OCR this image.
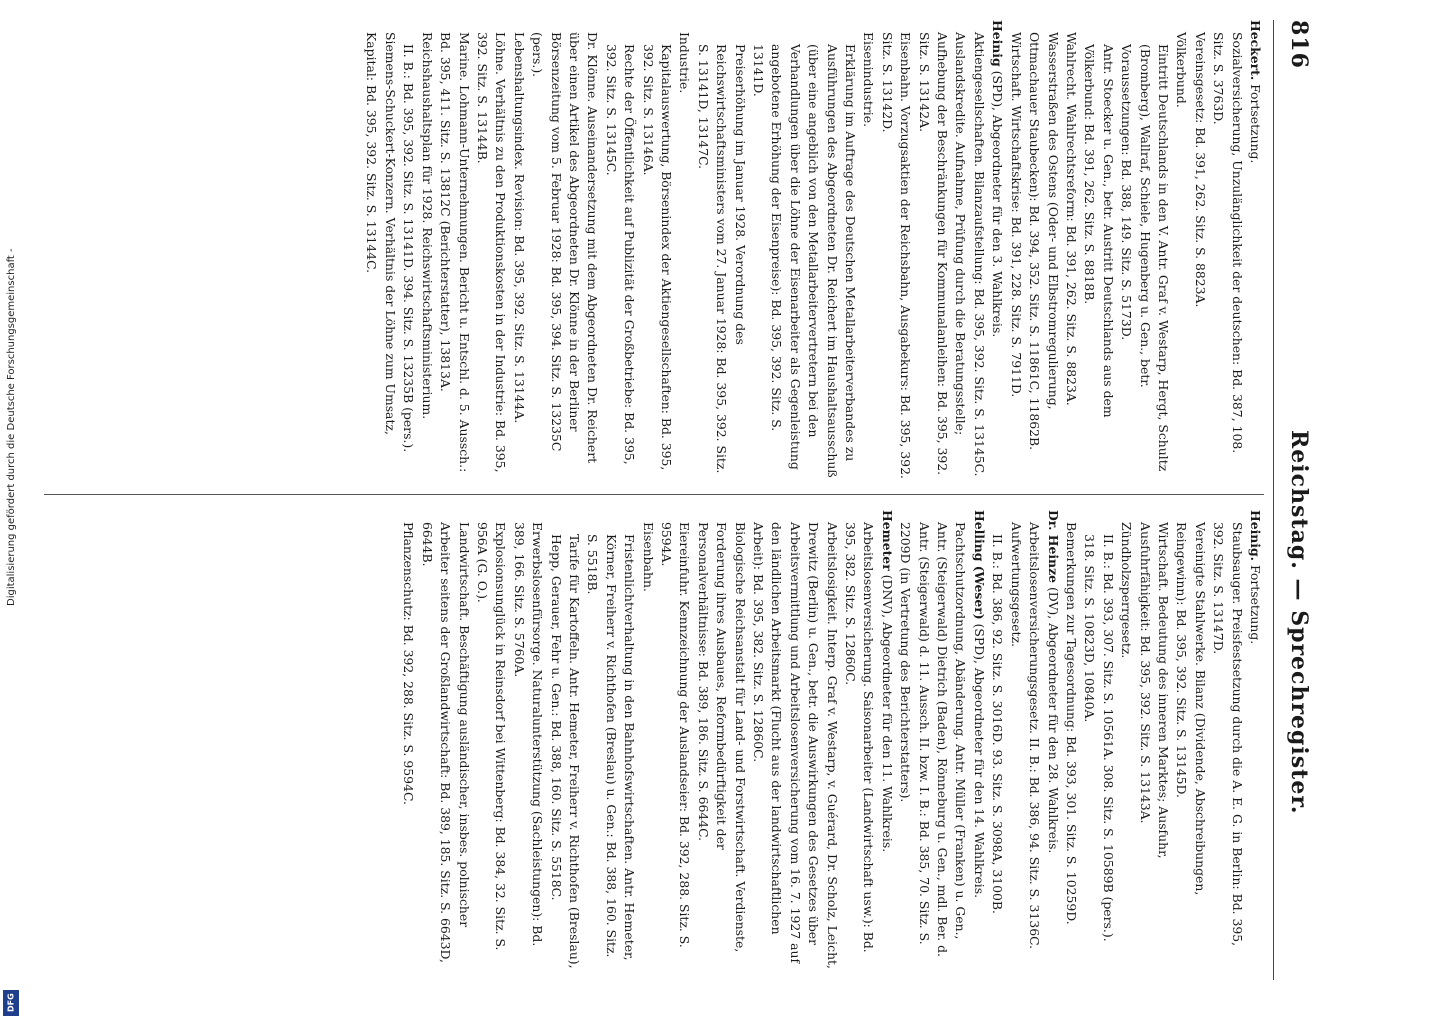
816
Reichstag. — Sprechregister.

Heckert. Fortsetzung.

Sozialversicherung, Unzulänglichkeit der deutschen: Bd. 387, 108. Sitz. S. 3763D.

Vereinsgesetz: Bd. 391, 262. Sitz. S. 8823A.

Völkerbund.

Eintritt Deutschlands in den V. Antr. Graf v. Westarp, Hergt, Schultz (Bromberg), Wallraf, Schiele, Hugenberg u. Gen., betr. Voraussetzungen: Bd. 388, 149. Sitz. S. 5173D.

Antr. Stoecker u. Gen., betr. Austritt Deutschlands aus dem Völkerbund: Bd. 391, 262. Sitz. S. 8818B.

Wahlrecht. Wahlrechtsreform: Bd. 391, 262. Sitz. S. 8823A.

Wasserstraßen des Ostens (Oder- und Elbstromregulierung, Ottmachauer Staubecken): Bd. 394, 352. Sitz. S. 11861C, 11862B.

Wirtschaft. Wirtschaftskrise: Bd. 391, 228. Sitz. S. 7911D.

Heinig (SPD), Abgeordneter für den 3. Wahlkreis.

Aktiengesellschaften. Bilanzaufstellung: Bd. 395, 392. Sitz. S. 13145C.

Auslandskredite. Aufnahme, Prüfung durch die Beratungsstelle; Aufhebung der Beschränkungen für Kommunalanleihen: Bd. 395, 392. Sitz. S. 13142A.

Eisenbahn. Vorzugsaktien der Reichsbahn, Ausgabekurs: Bd. 395, 392. Sitz. S. 13142D.

Eisenindustrie.

Erklärung im Auftrage des Deutschen Metallarbeiterverbandes zu Ausführungen des Abgeordneten Dr. Reichert im Haushaltsausschuß (über eine angeblich von den Metallarbeitervertretern bei den Verhandlungen über die Löhne der Eisenarbeiter als Gegenleistung angebotene Erhöhung der Eisenpreise): Bd. 395, 392. Sitz. S. 13141D.

Preiserhöhung im Januar 1928. Verordnung des Reichswirtschaftsministers vom 27. Januar 1928: Bd. 395, 392. Sitz. S. 13141D, 13147C.

Industrie.

Kapitalauswertung, Börsenindex der Aktiengesellschaften: Bd. 395, 392. Sitz. S. 13146A.

Rechte der Öffentlichkeit auf Publizität der Großbetriebe: Bd. 395, 392. Sitz. S. 13145C.

Dr. Klönne. Auseinandersetzung mit dem Abgeordneten Dr. Reichert über einen Artikel des Abgeordneten Dr. Klönne in der Berliner Börsenzeitung vom 5. Februar 1928: Bd. 395, 394. Sitz. S. 13235C (pers.).

Lebenshaltungsindex. Revision: Bd. 395, 392. Sitz. S. 13144A.

Löhne. Verhältnis zu den Produktionskosten in der Industrie: Bd. 395, 392. Sitz. S. 13144B.

Marine. Lohmann-Unternehmungen. Bericht u. Entschl. d. 5. Aussch.: Bd. 395, 411. Sitz. S. 13812C (Berichterstatter), 13813A.

Reichshaushaltsplan für 1928. Reichswirtschaftsministerium.

II. B.: Bd. 395, 392. Sitz. S. 13141D. 394. Sitz. S. 13235B (pers.).

Siemens-Schuckert-Konzern. Verhältnis der Löhne zum Umsatz, Kapital: Bd. 395, 392. Sitz. S. 13144C.

Heinig. Fortsetzung.

Staubsauger. Preisfestsetzung durch die A. E. G. in Berlin: Bd. 395, 392. Sitz. S. 13147D.

Vereinigte Stahlwerke. Bilanz (Dividende, Abschreibungen, Reingewinn): Bd. 395, 392. Sitz. S. 13145D.

Wirtschaft. Bedeutung des inneren Marktes; Ausfuhr, Ausfuhrfähigkeit: Bd. 395, 392. Sitz. S. 13143A.

Zündholzsperrgesetz.

II. B.: Bd. 393, 307. Sitz. S. 10561A. 308. Sitz. S. 10589B (pers.). 318. Sitz. S. 10823D, 10840A.

Bemerkungen zur Tagesordnung: Bd. 393, 301. Sitz. S. 10259D.

Dr. Heinze (DV), Abgeordneter für den 28. Wahlkreis.

Arbeitslosenversicherungsgesetz. II. B.: Bd. 386, 94. Sitz. S. 3136C.

Aufwertungsgesetz.

II. B.: Bd. 386, 92. Sitz. S. 3016D. 93. Sitz. S. 3098A, 3100B.

Helling (Weser) (SPD), Abgeordneter für den 14. Wahlkreis.

Pachtschutzordnung, Abänderung. Antr. Müller (Franken) u. Gen., Antr. (Steigerwald) Dietrich (Baden), Rönneburg u. Gen., mdl. Ber. d. Antr. (Steigerwald) d. 11. Aussch. II. bzw. I. B.: Bd. 385, 70. Sitz. S. 2209D (in Vertretung des Berichterstatters).

Hemeter (DNV), Abgeordneter für den 11. Wahlkreis.

Arbeitslosenversicherung. Saisonarbeiter (Landwirtschaft usw.): Bd. 395, 382. Sitz. S. 12860C.

Arbeitslosigkeit. Interp. Graf v. Westarp, v. Guérard, Dr. Scholz, Leicht, Drewitz (Berlin) u. Gen., betr. die Auswirkungen des Gesetzes über Arbeitsvermittlung und Arbeitslosenversicherung vom 16. 7. 1927 auf den ländlichen Arbeitsmarkt (Flucht aus der landwirtschaftlichen Arbeit): Bd. 395, 382. Sitz. S. 12860C.

Biologische Reichsanstalt für Land- und Forstwirtschaft. Verdienste, Forderung ihres Ausbaues, Reformbedürftigkeit der Personalverhältnisse: Bd. 389, 186. Sitz. S. 6644C.

Eiereinfuhr. Kennzeichnung der Auslandseier: Bd. 392, 288. Sitz. S. 9594A.

Eisenbahn.

Fristenlichtverhaltung in den Bahnhofswirtschaften. Antr. Hemeter, Körner, Freiherr v. Richthofen (Breslau) u. Gen.: Bd. 388, 160. Sitz. S. 5518B.

Tarife für Kartoffeln. Antr. Hemeter, Freiherr v. Richthofen (Breslau), Hepp, Gerauer, Fehr u. Gen.: Bd. 388, 160. Sitz. S. 5518C.

Erwerbslosenfürsorge. Naturalunterstützung (Sachleistungen): Bd. 389, 166. Sitz. S. 5760A.

Explosionsunglück in Reinsdorf bei Wittenberg: Bd. 384, 32. Sitz. S. 956A (G. O.).

Landwirtschaft. Beschäftigung ausländischer, insbes. polnischer Arbeiter seitens der Großlandwirtschaft: Bd. 389, 185. Sitz. S. 6643D, 6644B.

Pflanzenschutz: Bd. 392, 288. Sitz. S. 9594C.

Digitalisierung gefördert durch die Deutsche Forschungsgemeinschaft -
DFG
